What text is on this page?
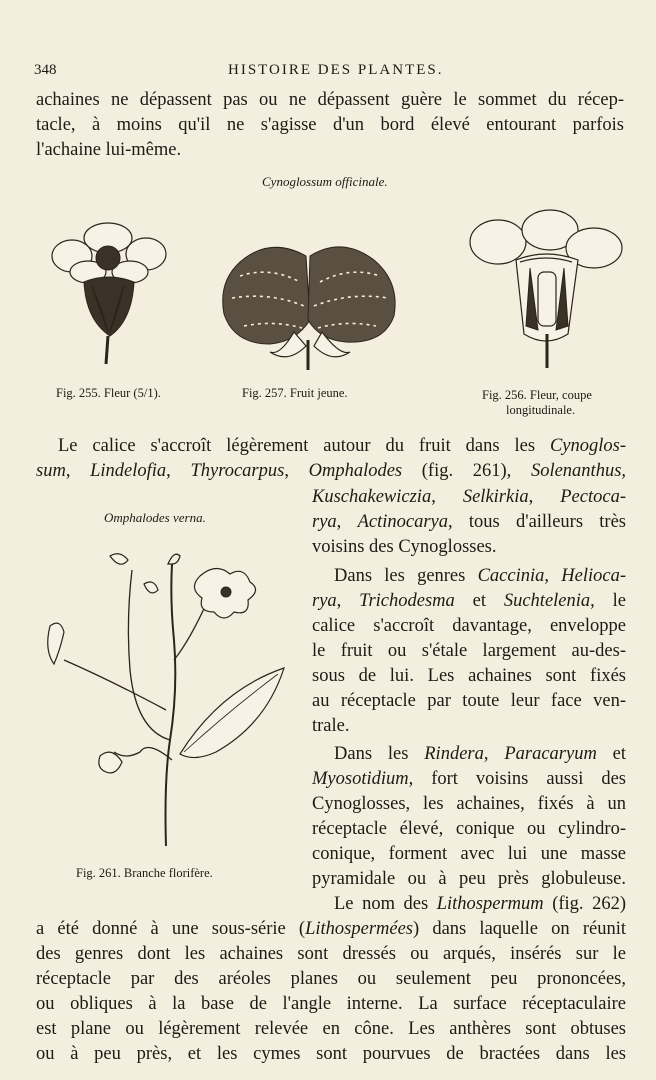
348	HISTOIRE DES PLANTES.
achaines ne dépassent pas ou ne dépassent guère le sommet du récep-
tacle, à moins qu'il ne s'agisse d'un bord élevé entourant parfois
l'achaine lui-même.
Cynoglossum officinale.
Fig. 255. Fleur (5/1).	Fig. 257. Fruit jeune.	Fig. 256. Fleur, coupe
longitudinale.
Le calice s'accroît légèrement autour du fruit dans les Cynoglos-
sum, Lindelofia, Thyrocarpus, Omphalodes (fig. 261), Solenanthus,
Omphalodes verna.
Kuschakewiczia, Selkirkia, Pectoca-
rya, Actinocarya, tous d'ailleurs très
voisins des Cynoglosses.
Dans les genres Caccinia, Helioca-
rya, Trichodesma et Suchtelenia, le
calice s'accroît davantage, enveloppe
le fruit ou s'étale largement au-des-
sous de lui. Les achaines sont fixés
au réceptacle par toute leur face ven-
trale.
Dans les Rindera, Paracaryum et
Myosotidium, fort voisins aussi des
Cynoglosses, les achaines, fixés à un
réceptacle élevé, conique ou cylindro-
conique, forment avec lui une masse
pyramidale ou à peu près globuleuse.
Le nom des Lithospermum (fig. 262)
Fig. 261. Branche florifère.
a été donné à une sous-série (Lithospermées) dans laquelle on réunit
des genres dont les achaines sont dressés ou arqués, insérés sur le
réceptacle par des aréoles planes ou seulement peu prononcées,
ou obliques à la base de l'angle interne. La surface réceptaculaire
est plane ou légèrement relevée en cône. Les anthères sont obtuses
ou à peu près, et les cymes sont pourvues de bractées dans les
